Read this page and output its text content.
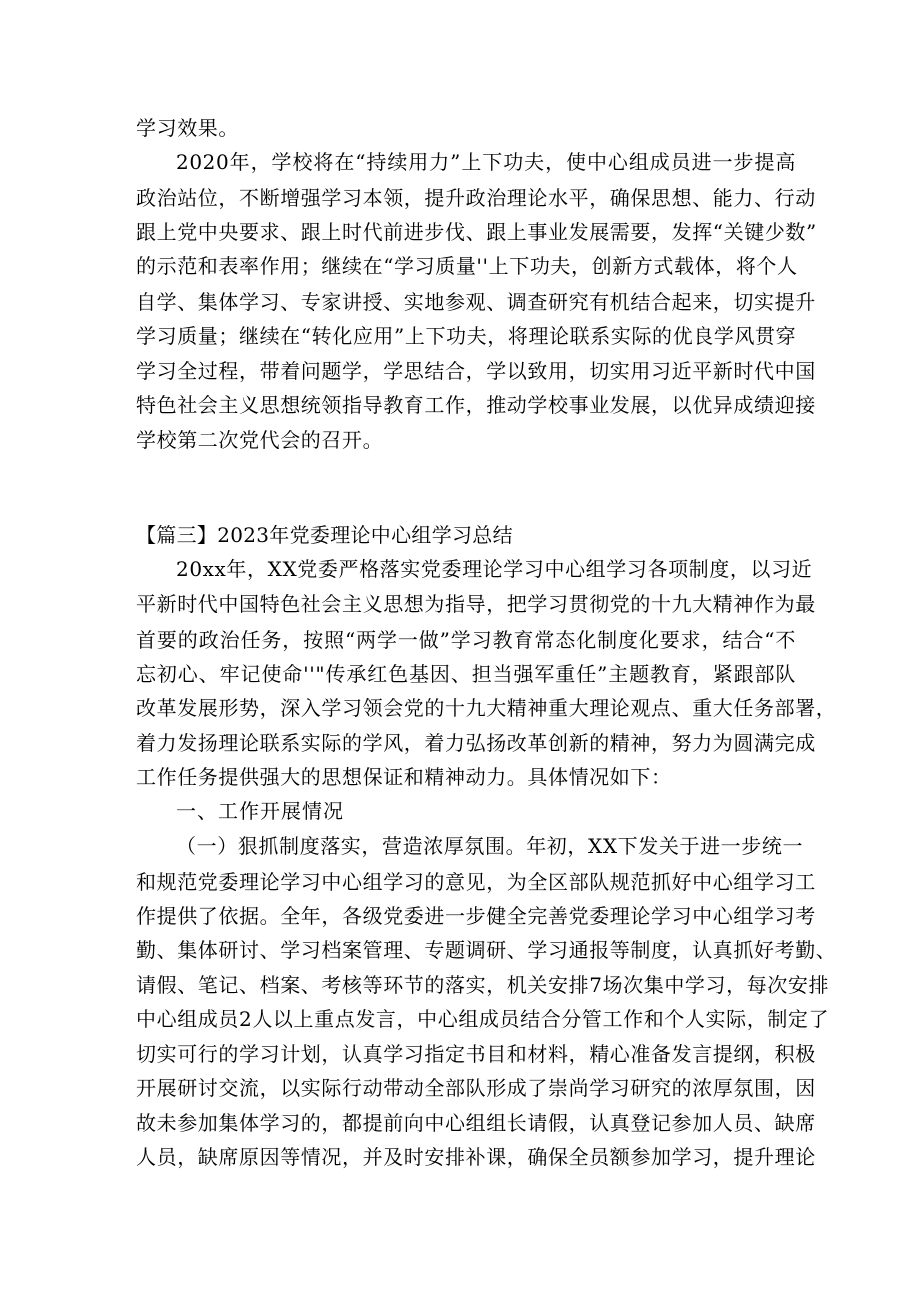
学习效果。
2020年，学校将在“持续用力”上下功夫，使中心组成员进一步提高
政治站位，不断增强学习本领，提升政治理论水平，确保思想、能力、行动
跟上党中央要求、跟上时代前进步伐、跟上事业发展需要，发挥“关键少数”
的示范和表率作用；继续在“学习质量''上下功夫，创新方式载体，将个人
自学、集体学习、专家讲授、实地参观、调查研究有机结合起来，切实提升
学习质量；继续在“转化应用”上下功夫，将理论联系实际的优良学风贯穿
学习全过程，带着问题学，学思结合，学以致用，切实用习近平新时代中国
特色社会主义思想统领指导教育工作，推动学校事业发展，以优异成绩迎接
学校第二次党代会的召开。
【篇三】2023年党委理论中心组学习总结
20xx年，XX党委严格落实党委理论学习中心组学习各项制度，以习近
平新时代中国特色社会主义思想为指导，把学习贯彻党的十九大精神作为最
首要的政治任务，按照“两学一做”学习教育常态化制度化要求，结合“不
忘初心、牢记使命''"传承红色基因、担当强军重任”主题教育，紧跟部队
改革发展形势，深入学习领会党的十九大精神重大理论观点、重大任务部署，
着力发扬理论联系实际的学风，着力弘扬改革创新的精神，努力为圆满完成
工作任务提供强大的思想保证和精神动力。具体情况如下：
一、工作开展情况
（一）狠抓制度落实，营造浓厚氛围。年初，XX下发关于进一步统一
和规范党委理论学习中心组学习的意见，为全区部队规范抓好中心组学习工
作提供了依据。全年，各级党委进一步健全完善党委理论学习中心组学习考
勤、集体研讨、学习档案管理、专题调研、学习通报等制度，认真抓好考勤、
请假、笔记、档案、考核等环节的落实，机关安排7场次集中学习，每次安排
中心组成员2人以上重点发言，中心组成员结合分管工作和个人实际，制定了
切实可行的学习计划，认真学习指定书目和材料，精心准备发言提纲，积极
开展研讨交流，以实际行动带动全部队形成了崇尚学习研究的浓厚氛围，因
故未参加集体学习的，都提前向中心组组长请假，认真登记参加人员、缺席
人员，缺席原因等情况，并及时安排补课，确保全员额参加学习，提升理论
